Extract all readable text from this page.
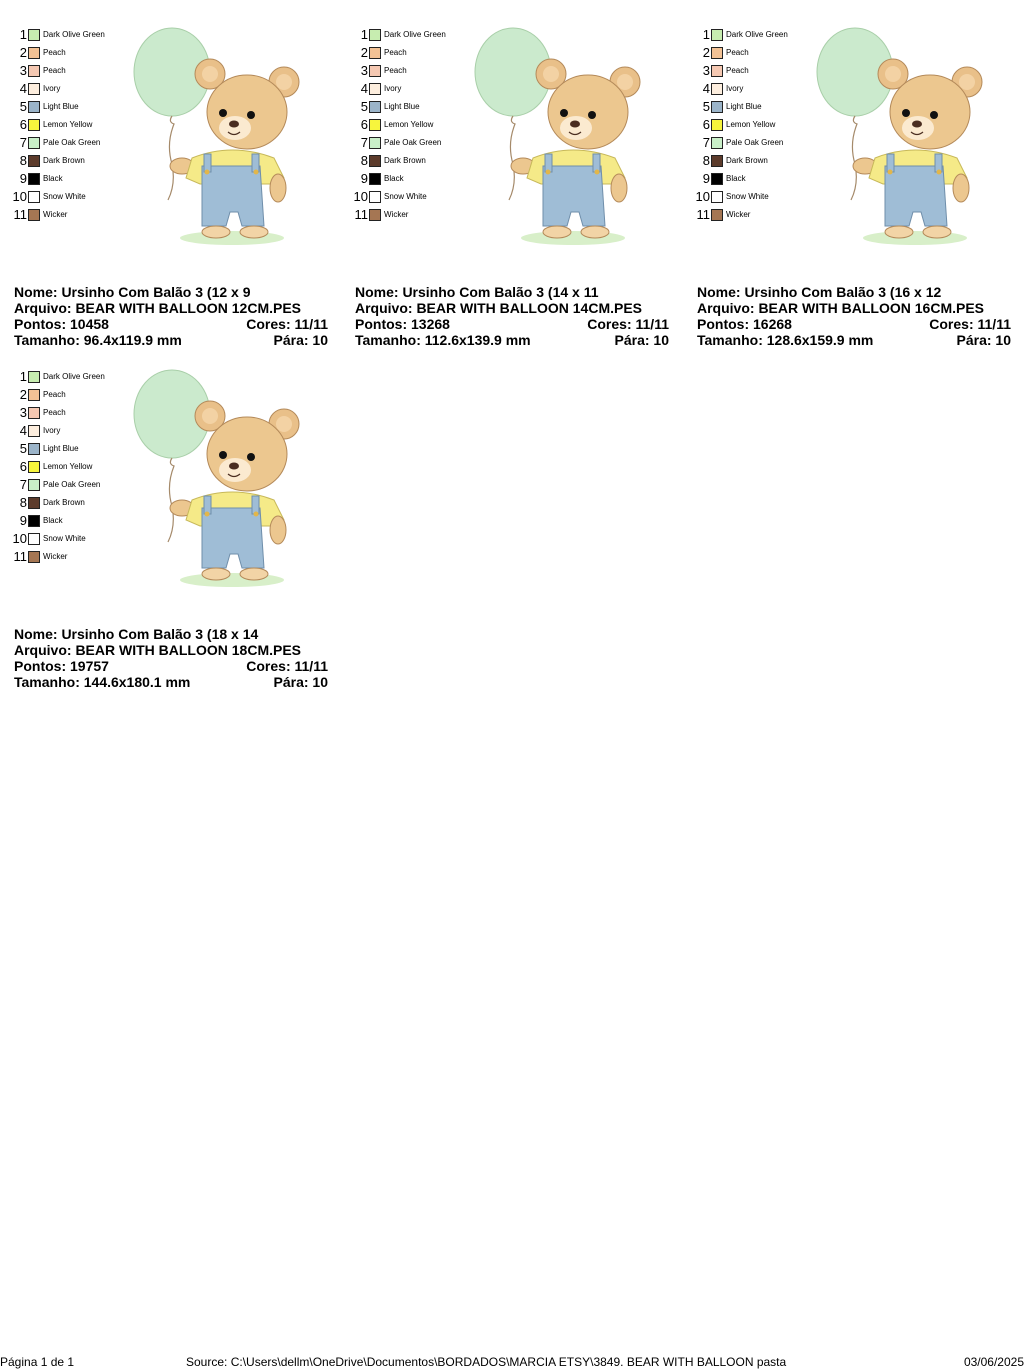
1 Dark Olive Green
2 Peach
3 Peach
4 Ivory
5 Light Blue
6 Lemon Yellow
7 Pale Oak Green
8 Dark Brown
9 Black
10 Snow White
11 Wicker
Nome: Ursinho Com Balão 3 (12 x 9
Arquivo: BEAR WITH BALLOON 12CM.PES
Pontos: 10458	Cores: 11/11
Tamanho: 96.4x119.9 mm	Pára: 10
1 Dark Olive Green
2 Peach
3 Peach
4 Ivory
5 Light Blue
6 Lemon Yellow
7 Pale Oak Green
8 Dark Brown
9 Black
10 Snow White
11 Wicker
Nome: Ursinho Com Balão 3 (14 x 11
Arquivo: BEAR WITH BALLOON 14CM.PES
Pontos: 13268	Cores: 11/11
Tamanho: 112.6x139.9 mm	Pára: 10
1 Dark Olive Green
2 Peach
3 Peach
4 Ivory
5 Light Blue
6 Lemon Yellow
7 Pale Oak Green
8 Dark Brown
9 Black
10 Snow White
11 Wicker
Nome: Ursinho Com Balão 3 (16 x 12
Arquivo: BEAR WITH BALLOON 16CM.PES
Pontos: 16268	Cores: 11/11
Tamanho: 128.6x159.9 mm	Pára: 10
1 Dark Olive Green
2 Peach
3 Peach
4 Ivory
5 Light Blue
6 Lemon Yellow
7 Pale Oak Green
8 Dark Brown
9 Black
10 Snow White
11 Wicker
Nome: Ursinho Com Balão 3 (18 x 14
Arquivo: BEAR WITH BALLOON 18CM.PES
Pontos: 19757	Cores: 11/11
Tamanho: 144.6x180.1 mm	Pára: 10
Página 1 de 1	Source: C:\Users\dellm\OneDrive\Documentos\BORDADOS\MARCIA ETSY\3849. BEAR WITH BALLOON pasta	03/06/2025
